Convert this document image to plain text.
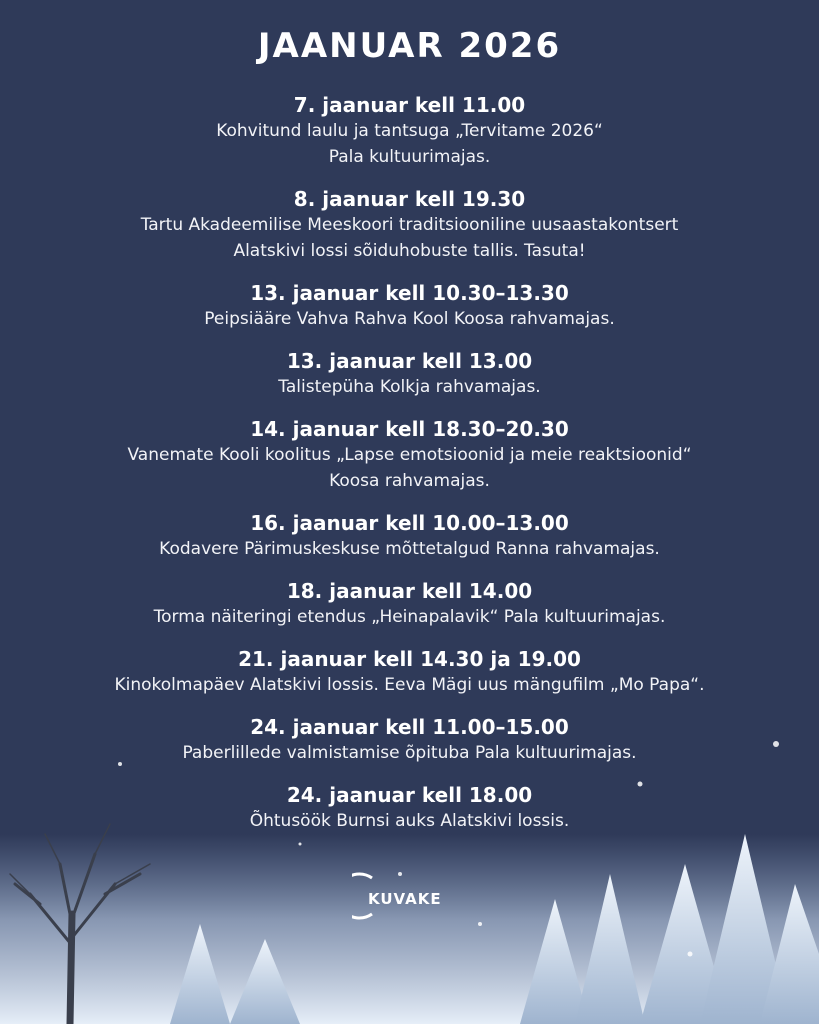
JAANUAR 2026
7. jaanuar kell 11.00
Kohvitund laulu ja tantsuga „Tervitame 2026“
Pala kultuurimajas.
8. jaanuar kell 19.30
Tartu Akadeemilise Meeskoori traditsiooniline uusaastakontsert
Alatskivi lossi sõiduhobuste tallis. Tasuta!
13. jaanuar kell 10.30–13.30
Peipsiääre Vahva Rahva Kool Koosa rahvamajas.
13. jaanuar kell 13.00
Talistepüha Kolkja rahvamajas.
14. jaanuar kell 18.30–20.30
Vanemate Kooli koolitus „Lapse emotsioonid ja meie reaktsioonid“
Koosa rahvamajas.
16. jaanuar kell 10.00–13.00
Kodavere Pärimuskeskuse mõttetalgud Ranna rahvamajas.
18. jaanuar kell 14.00
Torma näiteringi etendus „Heinapalavik“ Pala kultuurimajas.
21. jaanuar kell 14.30 ja 19.00
Kinokolmapäev Alatskivi lossis. Eeva Mägi uus mängufilm „Mo Papa“.
24. jaanuar kell 11.00–15.00
Paberlillede valmistamise õpituba Pala kultuurimajas.
24. jaanuar kell 18.00
Õhtusöök Burnsi auks Alatskivi lossis.
KUVAKE
